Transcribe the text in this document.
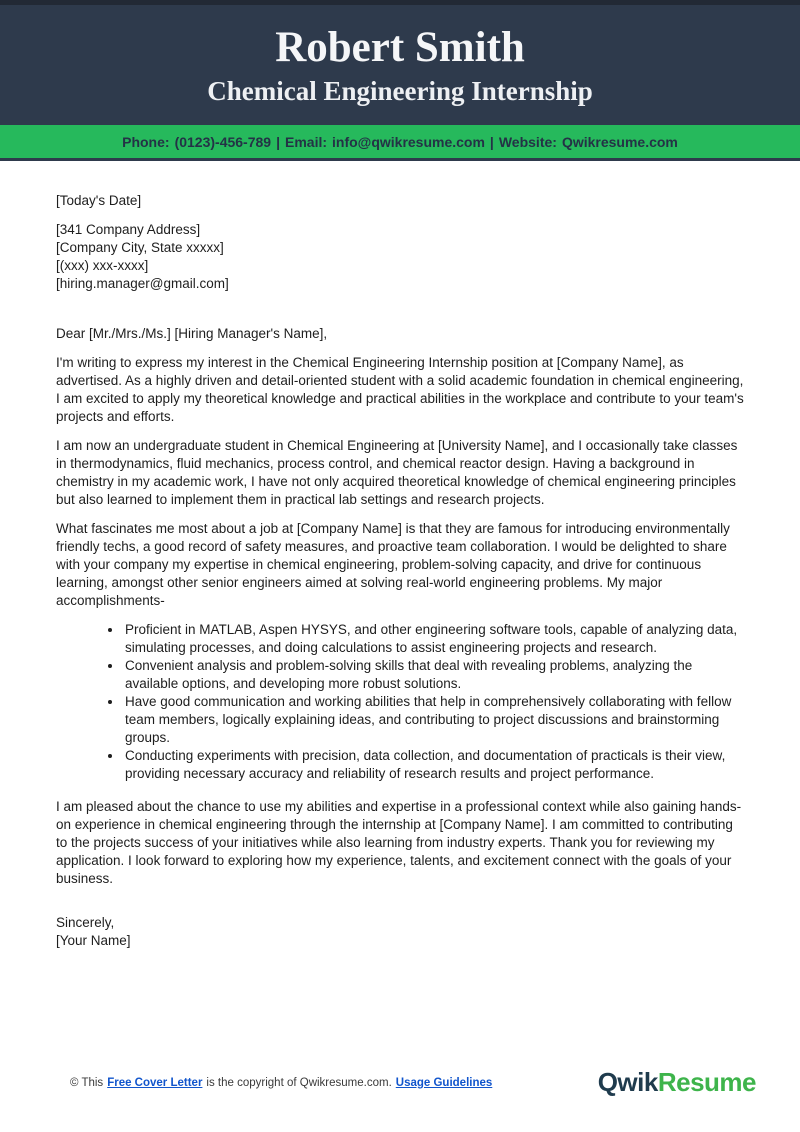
Robert Smith
Chemical Engineering Internship
Phone: (0123)-456-789 | Email: info@qwikresume.com | Website: Qwikresume.com

[Today's Date]

[341 Company Address]
[Company City, State xxxxx]
[(xxx) xxx-xxxx]
[hiring.manager@gmail.com]

Dear [Mr./Mrs./Ms.] [Hiring Manager's Name],

I'm writing to express my interest in the Chemical Engineering Internship position at [Company Name], as advertised. As a highly driven and detail-oriented student with a solid academic foundation in chemical engineering, I am excited to apply my theoretical knowledge and practical abilities in the workplace and contribute to your team's projects and efforts.

I am now an undergraduate student in Chemical Engineering at [University Name], and I occasionally take classes in thermodynamics, fluid mechanics, process control, and chemical reactor design. Having a background in chemistry in my academic work, I have not only acquired theoretical knowledge of chemical engineering principles but also learned to implement them in practical lab settings and research projects.

What fascinates me most about a job at [Company Name] is that they are famous for introducing environmentally friendly techs, a good record of safety measures, and proactive team collaboration. I would be delighted to share with your company my expertise in chemical engineering, problem-solving capacity, and drive for continuous learning, amongst other senior engineers aimed at solving real-world engineering problems. My major accomplishments-

• Proficient in MATLAB, Aspen HYSYS, and other engineering software tools, capable of analyzing data, simulating processes, and doing calculations to assist engineering projects and research.
• Convenient analysis and problem-solving skills that deal with revealing problems, analyzing the available options, and developing more robust solutions.
• Have good communication and working abilities that help in comprehensively collaborating with fellow team members, logically explaining ideas, and contributing to project discussions and brainstorming groups.
• Conducting experiments with precision, data collection, and documentation of practicals is their view, providing necessary accuracy and reliability of research results and project performance.

I am pleased about the chance to use my abilities and expertise in a professional context while also gaining hands-on experience in chemical engineering through the internship at [Company Name]. I am committed to contributing to the projects success of your initiatives while also learning from industry experts. Thank you for reviewing my application. I look forward to exploring how my experience, talents, and excitement connect with the goals of your business.

Sincerely,
[Your Name]
© This Free Cover Letter is the copyright of Qwikresume.com. Usage Guidelines	Qwik Resume
